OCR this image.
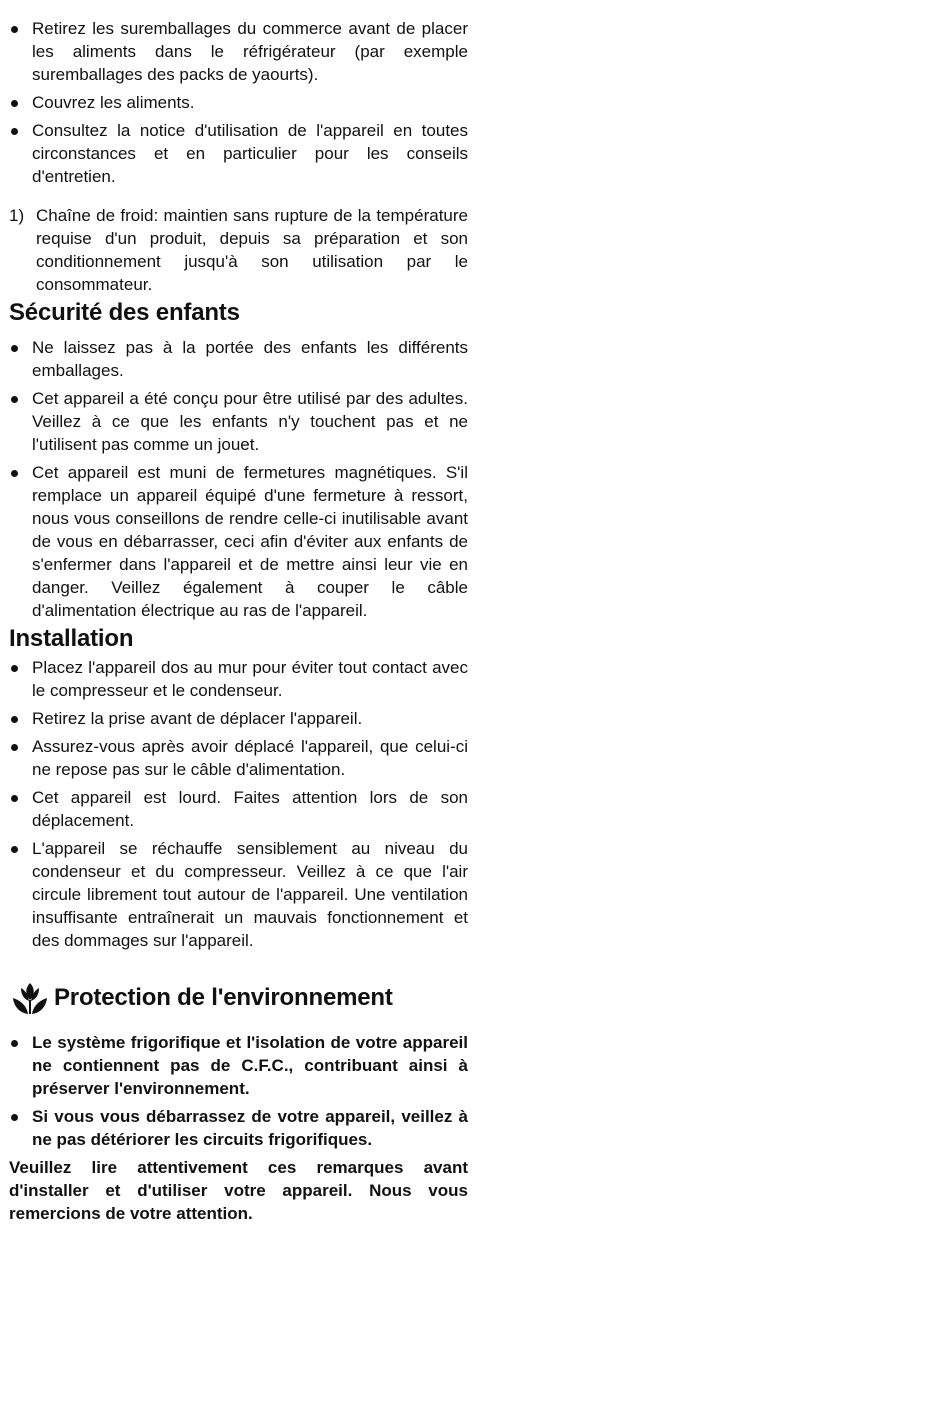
Retirez les suremballages du commerce avant de placer les aliments dans le réfrigérateur (par exemple suremballages des packs de yaourts).
Couvrez les aliments.
Consultez la notice d'utilisation de l'appareil en toutes circonstances et en particulier pour les conseils d'entretien.
1) Chaîne de froid: maintien sans rupture de la température requise d'un produit, depuis sa préparation et son conditionnement jusqu'à son utilisation par le consommateur.
Sécurité des enfants
Ne laissez pas à la portée des enfants les différents emballages.
Cet appareil a été conçu pour être utilisé par des adultes. Veillez à ce que les enfants n'y touchent pas et ne l'utilisent pas comme un jouet.
Cet appareil est muni de fermetures magnétiques. S'il remplace un appareil équipé d'une fermeture à ressort, nous vous conseillons de rendre celle-ci inutilisable avant de vous en débarrasser, ceci afin d'éviter aux enfants de s'enfermer dans l'appareil et de mettre ainsi leur vie en danger. Veillez également à couper le câble d'alimentation électrique au ras de l'appareil.
Installation
Placez l'appareil dos au mur pour éviter tout contact avec le compresseur et le condenseur.
Retirez la prise avant de déplacer l'appareil.
Assurez-vous après avoir déplacé l'appareil, que celui-ci ne repose pas sur le câble d'alimentation.
Cet appareil est lourd. Faites attention lors de son déplacement.
L'appareil se réchauffe sensiblement au niveau du condenseur et du compresseur. Veillez à ce que l'air circule librement tout autour de l'appareil. Une ventilation insuffisante entraînerait un mauvais fonctionnement et des dommages sur l'appareil.
Protection de l'environnement
Le système frigorifique et l'isolation de votre appareil ne contiennent pas de C.F.C., contribuant ainsi à préserver l'environnement.
Si vous vous débarrassez de votre appareil, veillez à ne pas détériorer les circuits frigorifiques.

Veuillez lire attentivement ces remarques avant d'installer et d'utiliser votre appareil. Nous vous remercions de votre attention.
